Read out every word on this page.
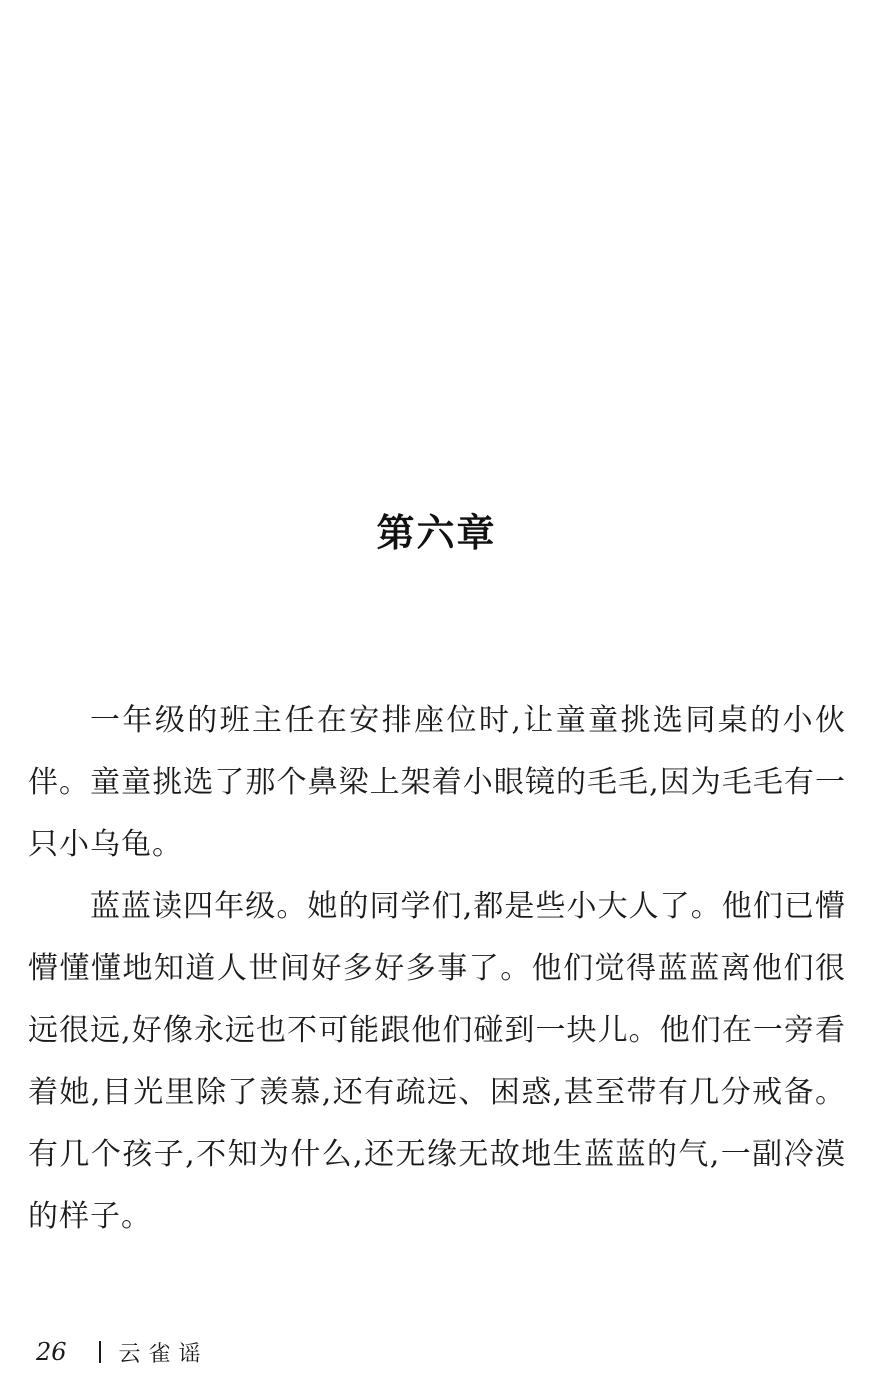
第六章

一年级的班主任在安排座位时,让童童挑选同桌的小伙伴。童童挑选了那个鼻梁上架着小眼镜的毛毛,因为毛毛有一只小乌龟。

蓝蓝读四年级。她的同学们,都是些小大人了。他们已懵懵懂懂地知道人世间好多好多事了。他们觉得蓝蓝离他们很远很远,好像永远也不可能跟他们碰到一块儿。他们在一旁看着她,目光里除了羡慕,还有疏远、困惑,甚至带有几分戒备。有几个孩子,不知为什么,还无缘无故地生蓝蓝的气,一副冷漠的样子。

26 云雀谣
